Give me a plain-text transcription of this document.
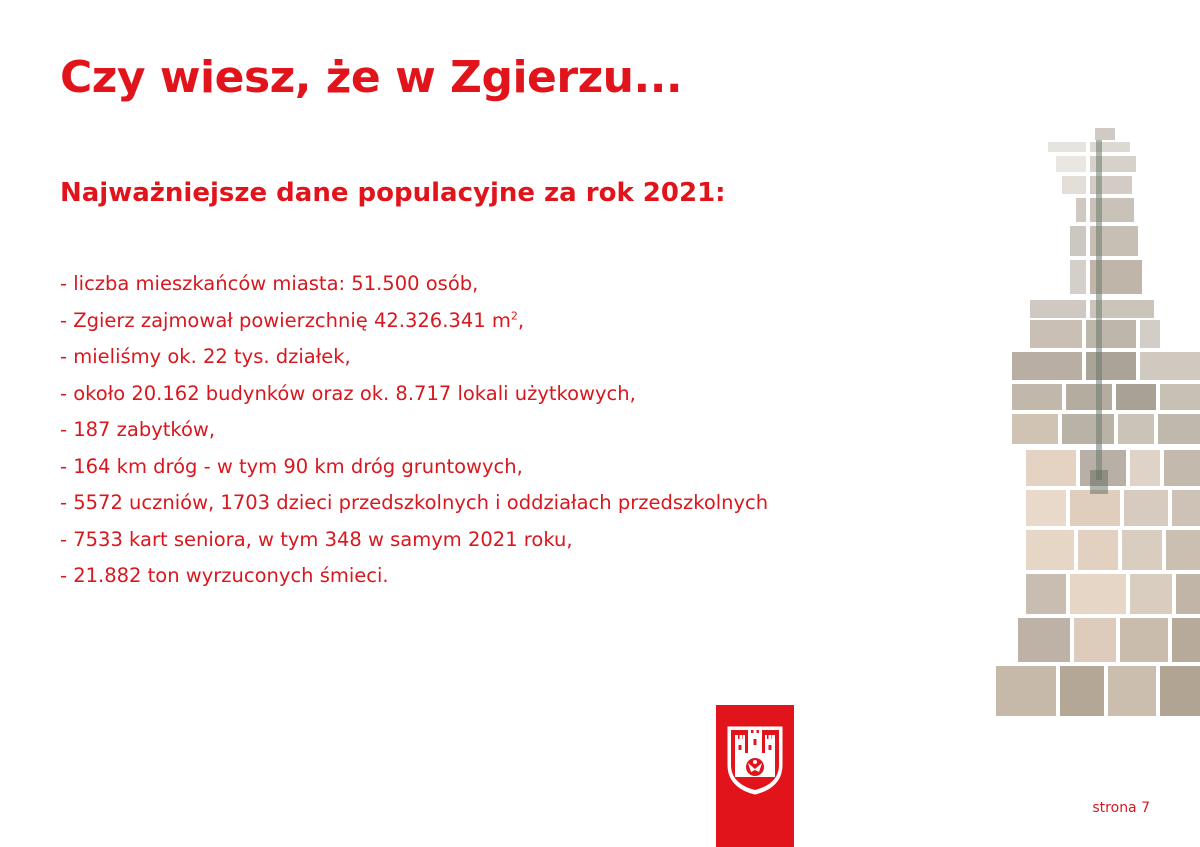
Czy wiesz, że w Zgierzu...
Najważniejsze dane populacyjne za rok 2021:
- liczba mieszkańców miasta: 51.500 osób,
- Zgierz zajmował powierzchnię 42.326.341 $m^2$,
- mieliśmy ok. 22 tys. działek,
- około 20.162 budynków oraz ok. 8.717 lokali użytkowych,
- 187 zabytków,
- 164 km dróg - w tym 90 km dróg gruntowych,
- 5572 uczniów, 1703 dzieci przedszkolnych i oddziałach przedszkolnych
- 7533 kart seniora, w tym 348 w samym 2021 roku,
- 21.882 ton wyrzuconych śmieci.
strona 7
